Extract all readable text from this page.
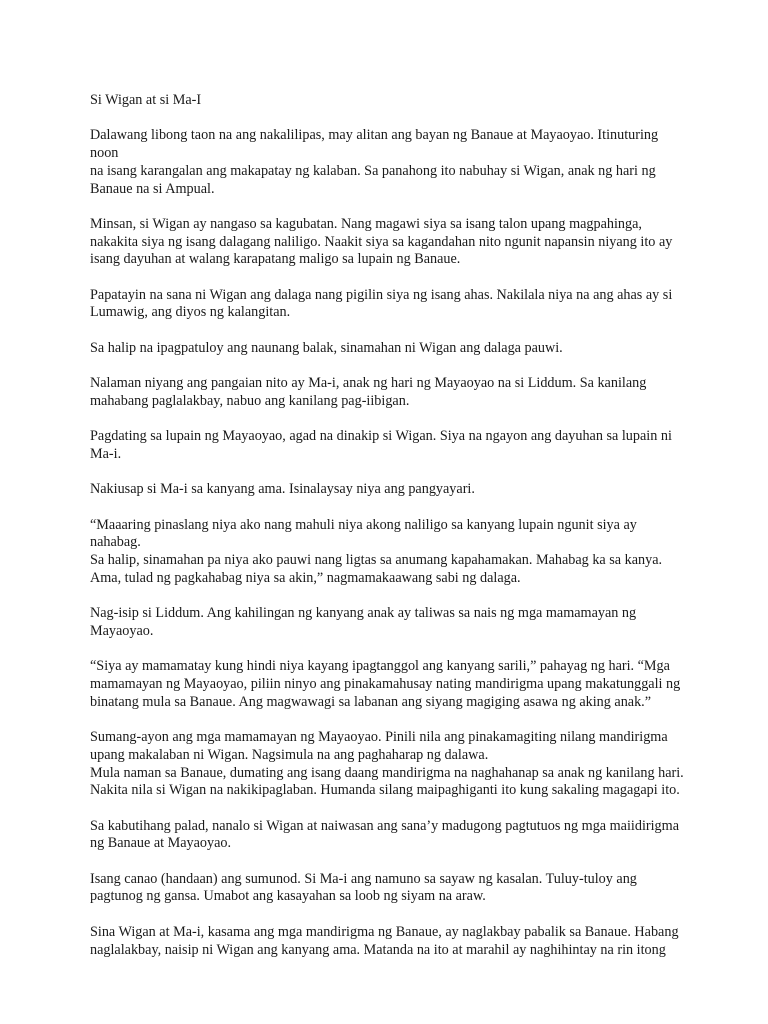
Si Wigan at si Ma-I

Dalawang libong taon na ang nakalilipas, may alitan ang bayan ng Banaue at Mayaoyao. Itinuturing noon
na isang karangalan ang makapatay ng kalaban. Sa panahong ito nabuhay si Wigan, anak ng hari ng
Banaue na si Ampual.

Minsan, si Wigan ay nangaso sa kagubatan. Nang magawi siya sa isang talon upang magpahinga,
nakakita siya ng isang dalagang naliligo. Naakit siya sa kagandahan nito ngunit napansin niyang ito ay
isang dayuhan at walang karapatang maligo sa lupain ng Banaue.

Papatayin na sana ni Wigan ang dalaga nang pigilin siya ng isang ahas. Nakilala niya na ang ahas ay si
Lumawig, ang diyos ng kalangitan.

Sa halip na ipagpatuloy ang naunang balak, sinamahan ni Wigan ang dalaga pauwi.

Nalaman niyang ang pangaian nito ay Ma-i, anak ng hari ng Mayaoyao na si Liddum. Sa kanilang
mahabang paglalakbay, nabuo ang kanilang pag-iibigan.

Pagdating sa lupain ng Mayaoyao, agad na dinakip si Wigan. Siya na ngayon ang dayuhan sa lupain ni
Ma-i.

Nakiusap si Ma-i sa kanyang ama. Isinalaysay niya ang pangyayari.

“Maaaring pinaslang niya ako nang mahuli niya akong naliligo sa kanyang lupain ngunit siya ay nahabag.
Sa halip, sinamahan pa niya ako pauwi nang ligtas sa anumang kapahamakan. Mahabag ka sa kanya.
Ama, tulad ng pagkahabag niya sa akin,” nagmamakaawang sabi ng dalaga.

Nag-isip si Liddum. Ang kahilingan ng kanyang anak ay taliwas sa nais ng mga mamamayan ng
Mayaoyao.

“Siya ay mamamatay kung hindi niya kayang ipagtanggol ang kanyang sarili,” pahayag ng hari. “Mga
mamamayan ng Mayaoyao, piliin ninyo ang pinakamahusay nating mandirigma upang makatunggali ng
binatang mula sa Banaue. Ang magwawagi sa labanan ang siyang magiging asawa ng aking anak.”

Sumang-ayon ang mga mamamayan ng Mayaoyao. Pinili nila ang pinakamagiting nilang mandirigma
upang makalaban ni Wigan. Nagsimula na ang paghaharap ng dalawa.
Mula naman sa Banaue, dumating ang isang daang mandirigma na naghahanap sa anak ng kanilang hari.
Nakita nila si Wigan na nakikipaglaban. Humanda silang maipaghiganti ito kung sakaling magagapi ito.

Sa kabutihang palad, nanalo si Wigan at naiwasan ang sana’y madugong pagtutuos ng mga maiidirigma
ng Banaue at Mayaoyao.

Isang canao (handaan) ang sumunod. Si Ma-i ang namuno sa sayaw ng kasalan. Tuluy-tuloy ang
pagtunog ng gansa. Umabot ang kasayahan sa loob ng siyam na araw.

Sina Wigan at Ma-i, kasama ang mga mandirigma ng Banaue, ay naglakbay pabalik sa Banaue. Habang
naglalakbay, naisip ni Wigan ang kanyang ama. Matanda na ito at marahil ay naghihintay na rin itong
